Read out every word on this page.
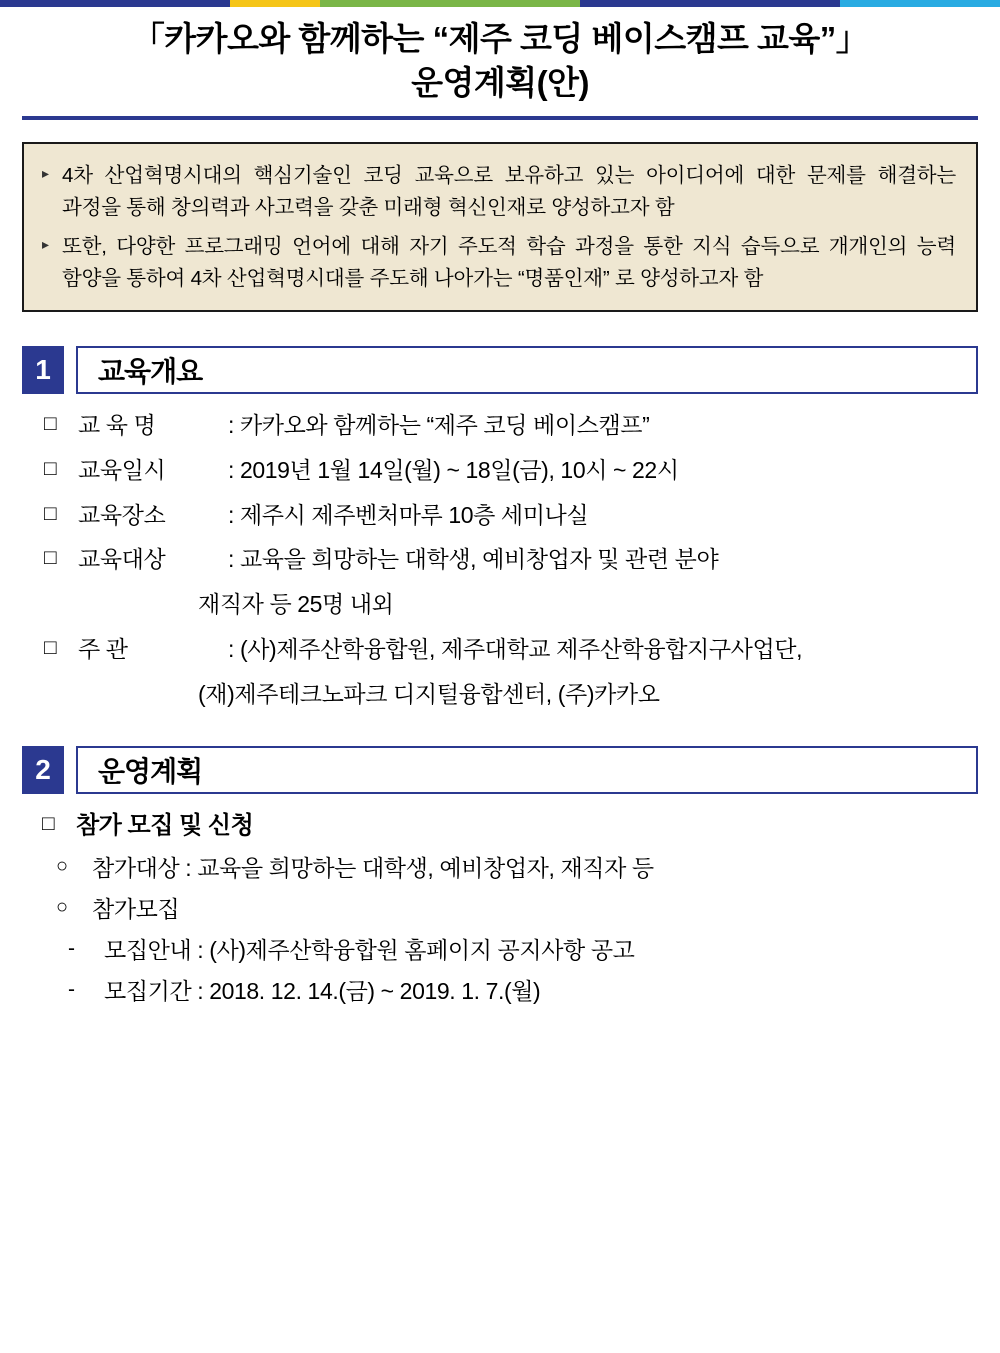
「카카오와 함께하는 “제주 코딩 베이스캠프 교육”」
운영계획(안)
▸ 4차 산업혁명시대의 핵심기술인 코딩 교육으로 보유하고 있는 아이디어에 대한 문제를 해결하는 과정을 통해 창의력과 사고력을 갖춘 미래형 혁신인재로 양성하고자 함
▸ 또한, 다양한 프로그래밍 언어에 대해 자기 주도적 학습 과정을 통한 지식 습득으로 개개인의 능력 함양을 통하여 4차 산업혁명시대를 주도해 나아가는 “명품인재” 로 양성하고자 함
1	교육개요
□ 교 육 명	: 카카오와 함께하는 “제주 코딩 베이스캠프”
□ 교육일시	: 2019년 1월 14일(월) ~ 18일(금), 10시 ~ 22시
□ 교육장소	: 제주시 제주벤처마루 10층 세미나실
□ 교육대상	: 교육을 희망하는 대학생, 예비창업자 및 관련 분야
재직자 등 25명 내외
□ 주 관	: (사)제주산학융합원, 제주대학교 제주산학융합지구사업단,
(재)제주테크노파크 디지털융합센터, (주)카카오
2	운영계획
□ 참가 모집 및 신청
○	참가대상 : 교육을 희망하는 대학생, 예비창업자, 재직자 등
○	참가모집
-	모집안내 : (사)제주산학융합원 홈페이지 공지사항 공고
-	모집기간 : 2018. 12. 14.(금) ~ 2019. 1. 7.(월)
